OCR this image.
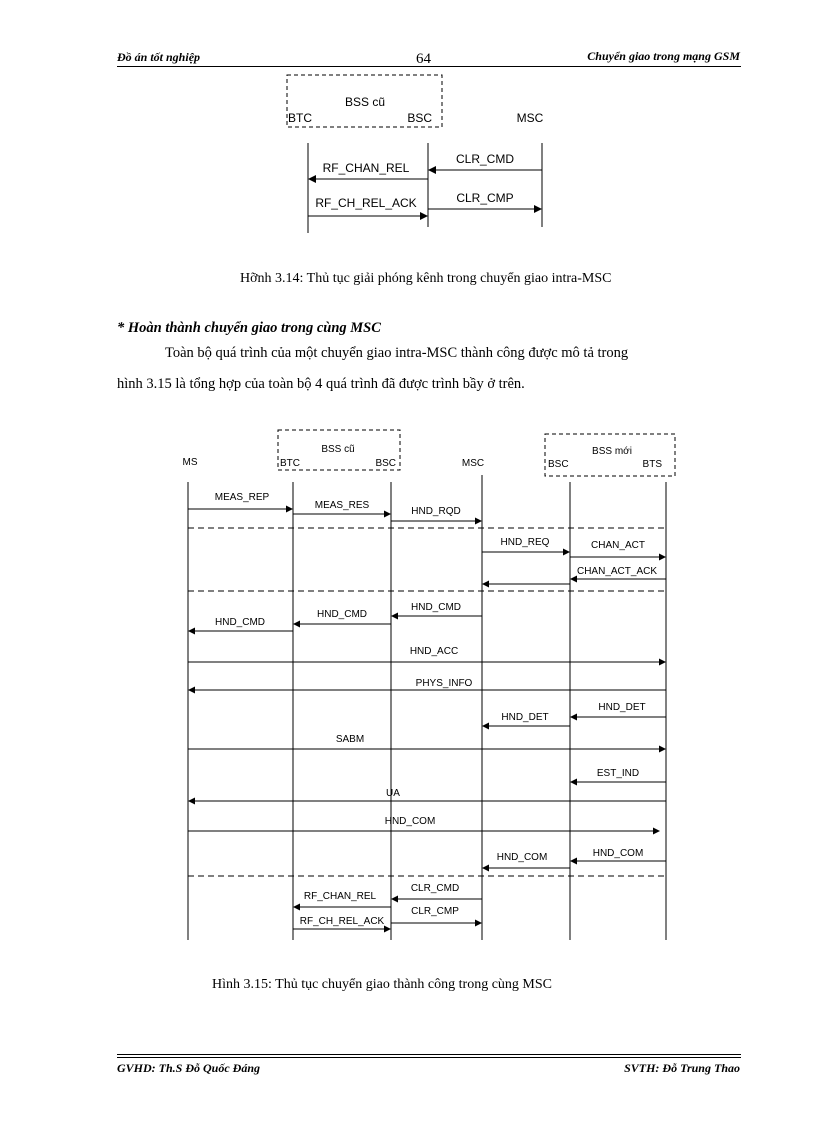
Đồ án tốt nghiệp	64	Chuyển giao trong mạng GSM
BSS cũ
BTC	BSC	MSC
CLR_CMD
RF_CHAN_REL
CLR_CMP
RF_CH_REL_ACK
Hỡnh 3.14: Thủ tục giải phóng kênh trong chuyển giao intra-MSC
* Hoàn thành chuyển giao trong cùng MSC
Toàn bộ quá trình của một chuyển giao intra-MSC thành công được mô tả trong
hình 3.15 là tổng hợp của toàn bộ 4 quá trình đã được trình bầy ở trên.
BSS cũ	BSS mới
MS	BTC	BSC	MSC	BSC	BTS
MEAS_REP
MEAS_RES
HND_RQD
HND_REQ	CHAN_ACT
CHAN_ACT_ACK
HND_CMD
HND_CMD
HND_CMD
HND_ACC
PHYS_INFO
HND_DET
HND_DET
SABM
EST_IND
UA
HND_COM
HND_COM
HND_COM
CLR_CMD
RF_CHAN_REL
CLR_CMP
RF_CH_REL_ACK
Hình 3.15: Thủ tục chuyển giao thành công trong cùng MSC
GVHD: Th.S Đỗ Quốc Đáng	SVTH: Đỗ Trung Thao
